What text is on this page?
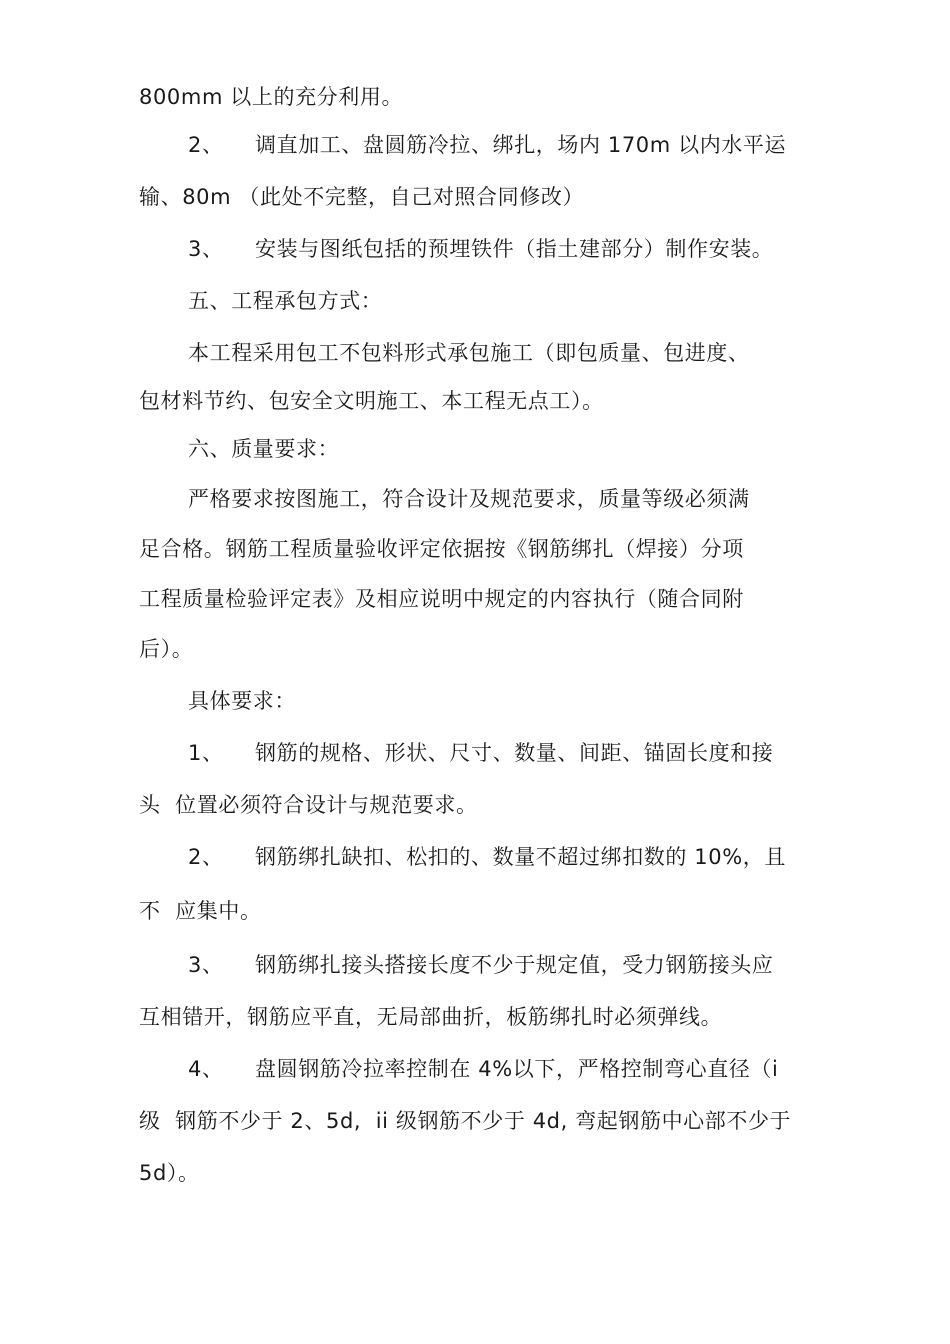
800mm 以上的充分利用。
2、 调直加工、盘圆筋冷拉、绑扎，场内 170m 以内水平运
输、80m （此处不完整，自己对照合同修改）
3、 安装与图纸包括的预埋铁件（指土建部分）制作安装。
五、工程承包方式：
本工程采用包工不包料形式承包施工（即包质量、包进度、
包材料节约、包安全文明施工、本工程无点工）。
六、质量要求：
严格要求按图施工，符合设计及规范要求，质量等级必须满
足合格。钢筋工程质量验收评定依据按《钢筋绑扎（焊接）分项
工程质量检验评定表》及相应说明中规定的内容执行（随合同附
后）。
具体要求：
1、 钢筋的规格、形状、尺寸、数量、间距、锚固长度和接
头  位置必须符合设计与规范要求。
2、 钢筋绑扎缺扣、松扣的、数量不超过绑扣数的 10%，且
不  应集中。
3、 钢筋绑扎接头搭接长度不少于规定值，受力钢筋接头应
互相错开，钢筋应平直，无局部曲折，板筋绑扎时必须弹线。
4、 盘圆钢筋冷拉率控制在 4%以下，严格控制弯心直径（i
级  钢筋不少于 2、5d,  ii 级钢筋不少于 4d, 弯起钢筋中心部不少于
5d）。
